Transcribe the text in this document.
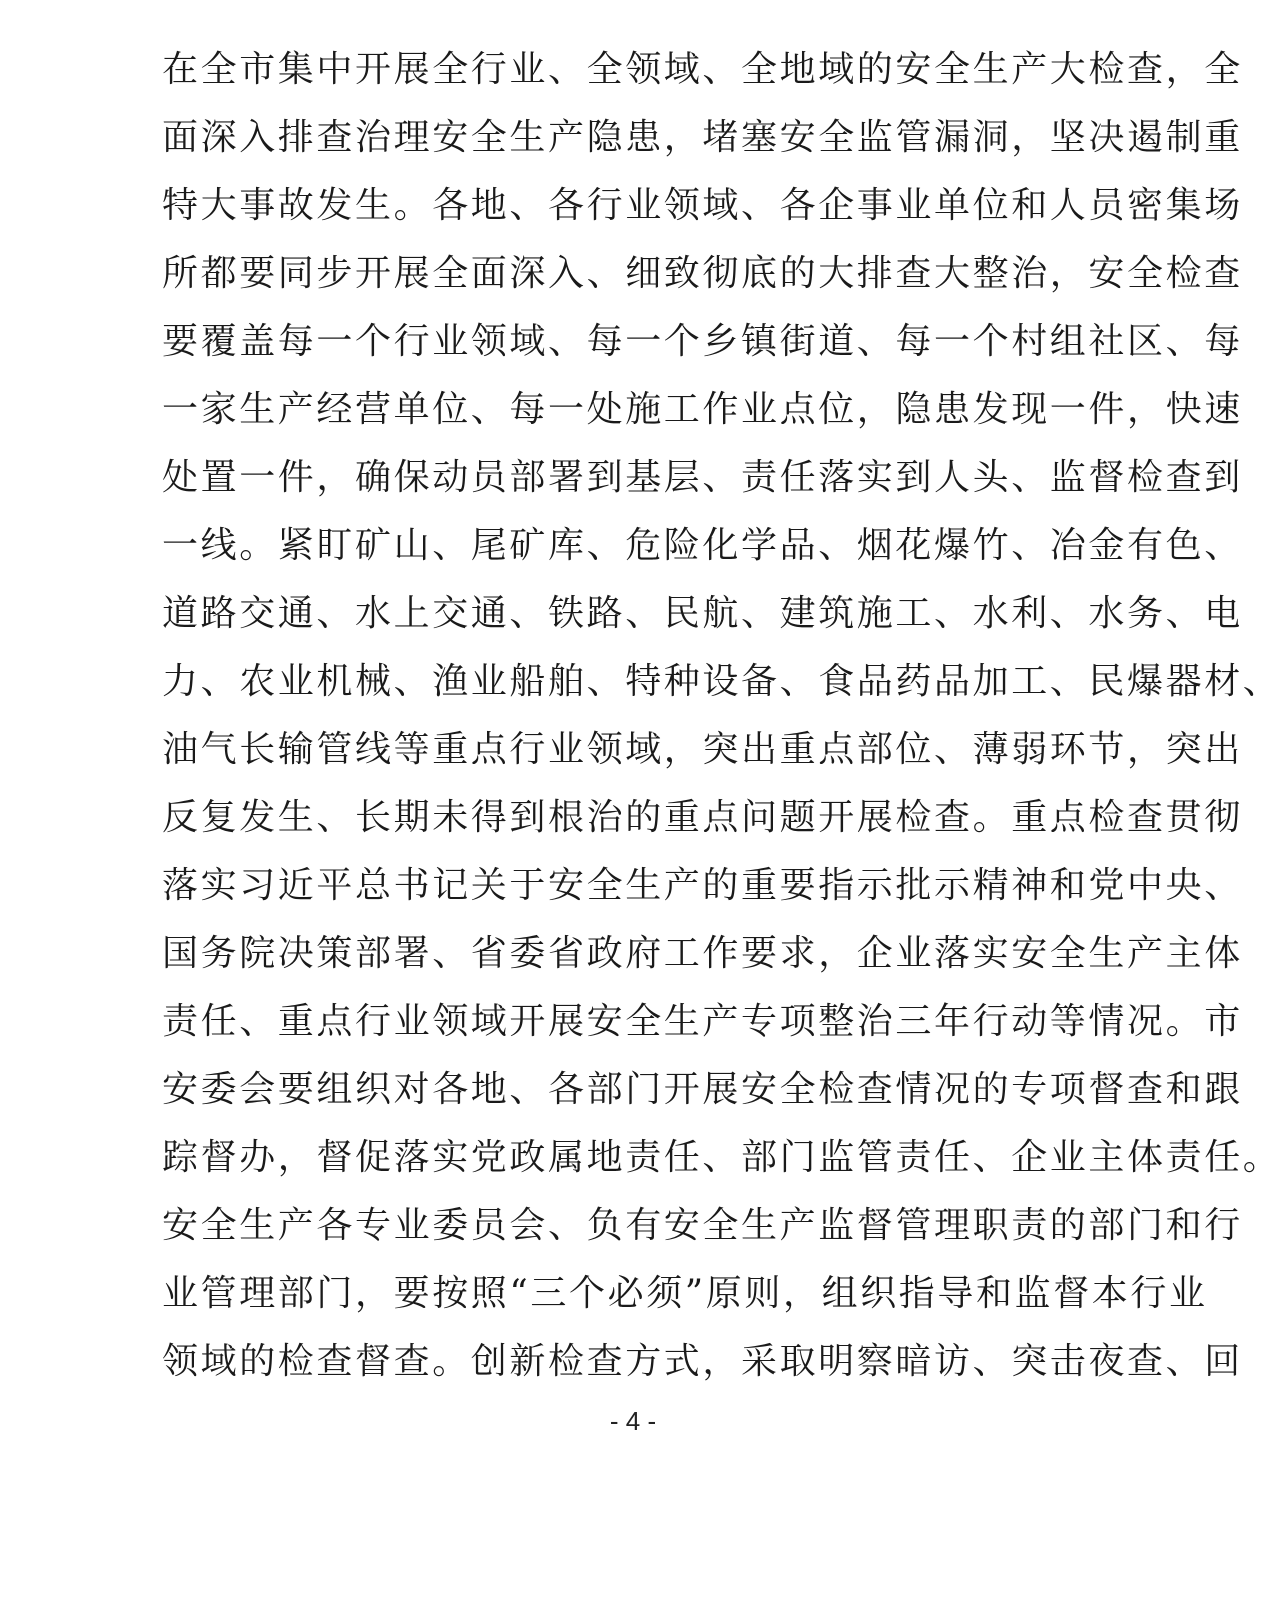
在全市集中开展全行业、全领域、全地域的安全生产大检查，全
面深入排查治理安全生产隐患，堵塞安全监管漏洞，坚决遏制重
特大事故发生。各地、各行业领域、各企事业单位和人员密集场
所都要同步开展全面深入、细致彻底的大排查大整治，安全检查
要覆盖每一个行业领域、每一个乡镇街道、每一个村组社区、每
一家生产经营单位、每一处施工作业点位，隐患发现一件，快速
处置一件，确保动员部署到基层、责任落实到人头、监督检查到
一线。紧盯矿山、尾矿库、危险化学品、烟花爆竹、冶金有色、
道路交通、水上交通、铁路、民航、建筑施工、水利、水务、电
力、农业机械、渔业船舶、特种设备、食品药品加工、民爆器材、
油气长输管线等重点行业领域，突出重点部位、薄弱环节，突出
反复发生、长期未得到根治的重点问题开展检查。重点检查贯彻
落实习近平总书记关于安全生产的重要指示批示精神和党中央、
国务院决策部署、省委省政府工作要求，企业落实安全生产主体
责任、重点行业领域开展安全生产专项整治三年行动等情况。市
安委会要组织对各地、各部门开展安全检查情况的专项督查和跟
踪督办，督促落实党政属地责任、部门监管责任、企业主体责任。
安全生产各专业委员会、负有安全生产监督管理职责的部门和行
业管理部门，要按照“三个必须”原则，组织指导和监督本行业
领域的检查督查。创新检查方式，采取明察暗访、突击夜查、回
- 4 -
